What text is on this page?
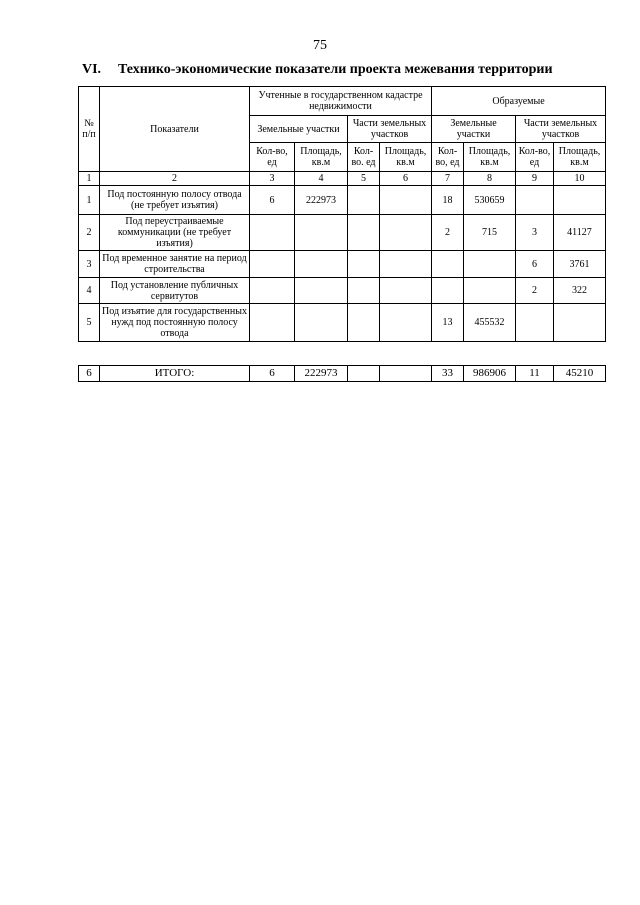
75
VI. Технико-экономические показатели проекта межевания территории
№ п/п	Показатели	Учтенные в государственном кадастре недвижимости				Образуемые			
		Земельные участки		Части земельных участков		Земельные участки		Части земельных участков	
		Кол-во, ед	Площадь, кв.м	Кол-во. ед	Площадь, кв.м	Кол-во, ед	Площадь, кв.м	Кол-во, ед	Площадь, кв.м
1	2	3	4	5	6	7	8	9	10
1	Под постоянную полосу отвода (не требует изъятия)	6	222973			18	530659		
2	Под переустраиваемые коммуникации (не требует изъятия)					2	715	3	41127
3	Под временное занятие на период строительства							6	3761
4	Под установление публичных сервитутов							2	322
5	Под изъятие для государственных нужд под постоянную полосу отвода					13	455532		
6	ИТОГО:	6	222973			33	986906	11	45210
